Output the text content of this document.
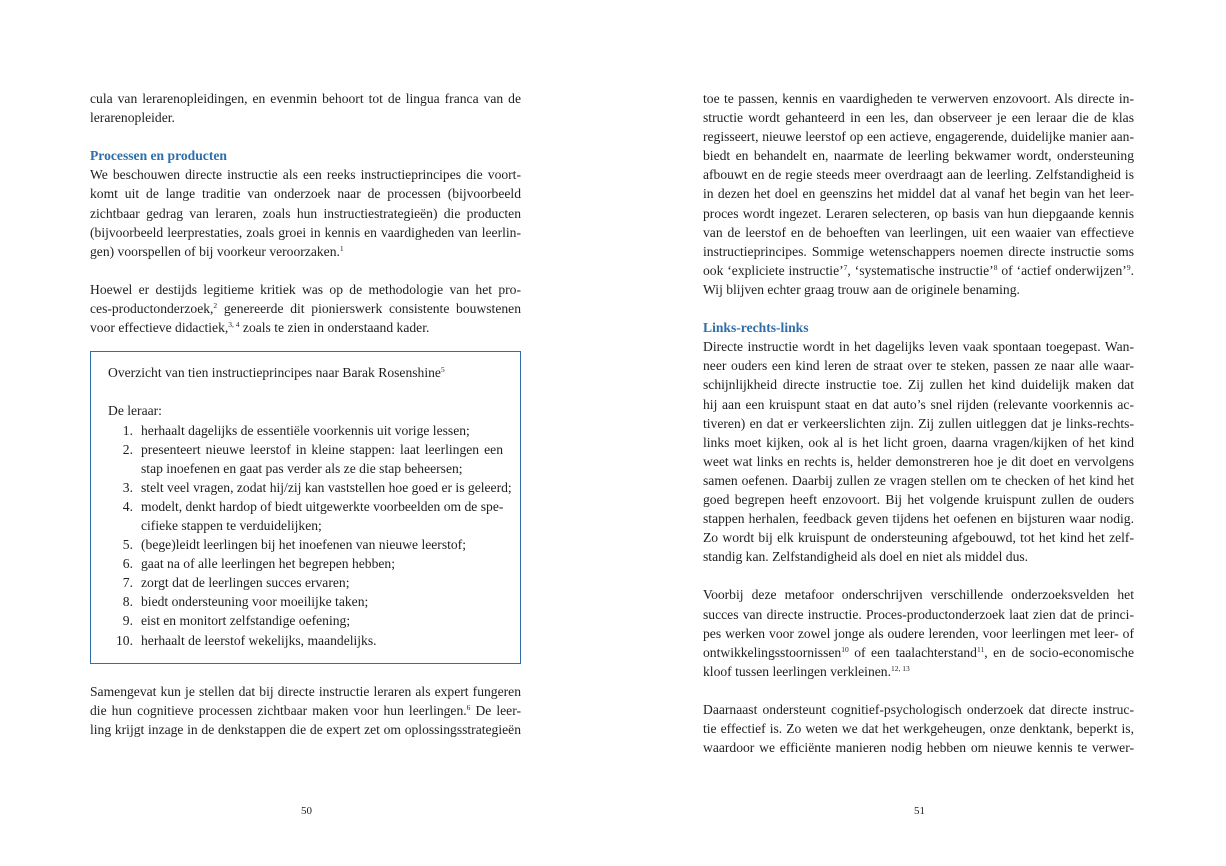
cula van lerarenopleidingen, en evenmin behoort tot de lingua franca van de
lerarenopleider.
Processen en producten
We beschouwen directe instructie als een reeks instructieprincipes die voort-
komt uit de lange traditie van onderzoek naar de processen (bijvoorbeeld
zichtbaar gedrag van leraren, zoals hun instructiestrategieën) die producten
(bijvoorbeeld leerprestaties, zoals groei in kennis en vaardigheden van leerlin-
gen) voorspellen of bij voorkeur veroorzaken.$^1$
Hoewel er destijds legitieme kritiek was op de methodologie van het pro-
ces-productonderzoek,$^2$ genereerde dit pionierswerk consistente bouwstenen
voor effectieve didactiek,$^{3, 4}$ zoals te zien in onderstaand kader.
Overzicht van tien instructieprincipes naar Barak Rosenshine$^5$
De leraar:
1. herhaalt dagelijks de essentiële voorkennis uit vorige lessen;
2. presenteert nieuwe leerstof in kleine stappen: laat leerlingen een
stap inoefenen en gaat pas verder als ze die stap beheersen;
3. stelt veel vragen, zodat hij/zij kan vaststellen hoe goed er is geleerd;
4. modelt, denkt hardop of biedt uitgewerkte voorbeelden om de spe-
cifieke stappen te verduidelijken;
5. (bege)leidt leerlingen bij het inoefenen van nieuwe leerstof;
6. gaat na of alle leerlingen het begrepen hebben;
7. zorgt dat de leerlingen succes ervaren;
8. biedt ondersteuning voor moeilijke taken;
9. eist en monitort zelfstandige oefening;
10. herhaalt de leerstof wekelijks, maandelijks.
Samengevat kun je stellen dat bij directe instructie leraren als expert fungeren
die hun cognitieve processen zichtbaar maken voor hun leerlingen.$^6$ De leer-
ling krijgt inzage in de denkstappen die de expert zet om oplossingsstrategieën
50
toe te passen, kennis en vaardigheden te verwerven enzovoort. Als directe in-
structie wordt gehanteerd in een les, dan observeer je een leraar die de klas
regisseert, nieuwe leerstof op een actieve, engagerende, duidelijke manier aan-
biedt en behandelt en, naarmate de leerling bekwamer wordt, ondersteuning
afbouwt en de regie steeds meer overdraagt aan de leerling. Zelfstandigheid is
in dezen het doel en geenszins het middel dat al vanaf het begin van het leer-
proces wordt ingezet. Leraren selecteren, op basis van hun diepgaande kennis
van de leerstof en de behoeften van leerlingen, uit een waaier van effectieve
instructieprincipes. Sommige wetenschappers noemen directe instructie soms
ook ‘expliciete instructie’$^7$, ‘systematische instructie’$^8$ of ‘actief onderwijzen’$^9$.
Wij blijven echter graag trouw aan de originele benaming.
Links-rechts-links
Directe instructie wordt in het dagelijks leven vaak spontaan toegepast. Wan-
neer ouders een kind leren de straat over te steken, passen ze naar alle waar-
schijnlijkheid directe instructie toe. Zij zullen het kind duidelijk maken dat
hij aan een kruispunt staat en dat auto’s snel rijden (relevante voorkennis ac-
tiveren) en dat er verkeerslichten zijn. Zij zullen uitleggen dat je links-rechts-
links moet kijken, ook al is het licht groen, daarna vragen/kijken of het kind
weet wat links en rechts is, helder demonstreren hoe je dit doet en vervolgens
samen oefenen. Daarbij zullen ze vragen stellen om te checken of het kind het
goed begrepen heeft enzovoort. Bij het volgende kruispunt zullen de ouders
stappen herhalen, feedback geven tijdens het oefenen en bijsturen waar nodig.
Zo wordt bij elk kruispunt de ondersteuning afgebouwd, tot het kind het zelf-
standig kan. Zelfstandigheid als doel en niet als middel dus.
Voorbij deze metafoor onderschrijven verschillende onderzoeksvelden het
succes van directe instructie. Proces-productonderzoek laat zien dat de princi-
pes werken voor zowel jonge als oudere lerenden, voor leerlingen met leer- of
ontwikkelingsstoornissen$^{10}$ of een taalachterstand$^{11}$, en de socio-economische
kloof tussen leerlingen verkleinen.$^{12, 13}$
Daarnaast ondersteunt cognitief-psychologisch onderzoek dat directe instruc-
tie effectief is. Zo weten we dat het werkgeheugen, onze denktank, beperkt is,
waardoor we efficiënte manieren nodig hebben om nieuwe kennis te verwer-
51
